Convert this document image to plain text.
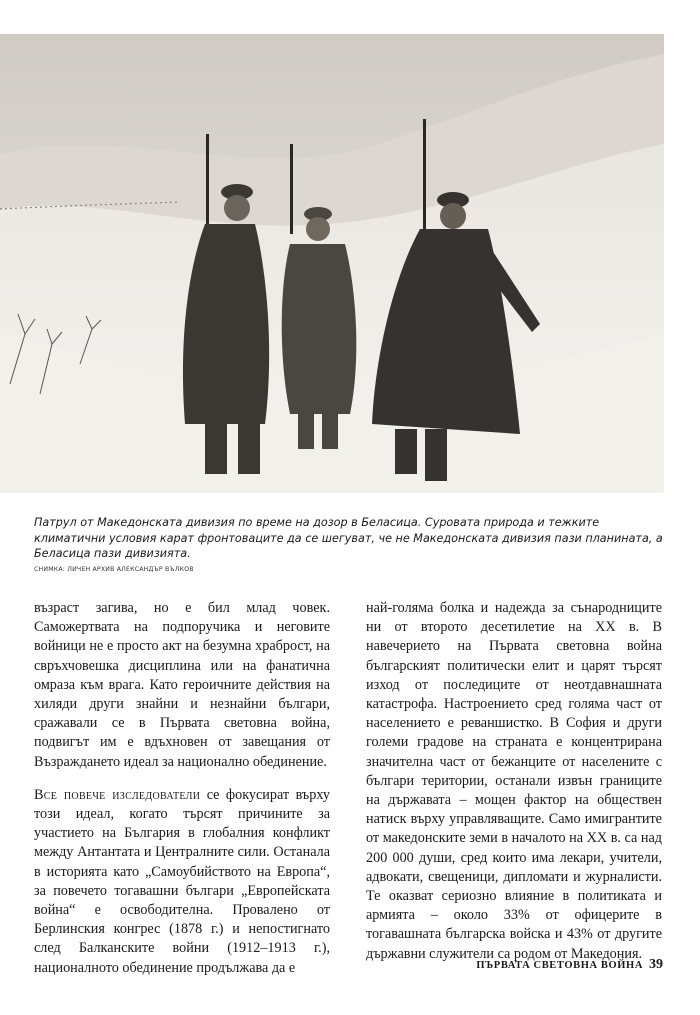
Патрул от Македонската дивизия по време на дозор в Беласица. Суровата природа и тежките климатични условия карат фронтоваците да се шегуват, че не Македонската дивизия пази планината, а Беласица пази дивизията.

СНИМКА: ЛИЧЕН АРХИВ АЛЕКСАНДЪР ВЪЛКОВ

възраст загива, но е бил млад човек. Саможертвата на подпоручика и неговите войници не е просто акт на безумна храброст, на свръхчовешка дисциплина или на фанатична омраза към врага. Като героичните действия на хиляди други знайни и незнайни българи, сражавали се в Първата световна война, подвигът им е вдъхновен от завещания от Възраждането идеал за национално обединение.

Все повече изследователи се фокусират върху този идеал, когато търсят причините за участието на България в глобалния конфликт между Антантата и Централните сили. Останала в историята като „Самоубийството на Европа“, за повечето тогавашни българи „Европейската война“ е освободителна. Провалено от Берлинския конгрес (1878 г.) и непостигнато след Балканските войни (1912–1913 г.), националното обединение продължава да е

най-голяма болка и надежда за сънародниците ни от второто десетилетие на XX в. В навечерието на Първата световна война българският политически елит и царят търсят изход от последиците от неотдавнашната катастрофа. Настроението сред голяма част от населението е реваншистко. В София и други големи градове на страната е концентрирана значителна част от бежанците от населените с българи територии, останали извън границите на държавата – мощен фактор на обществен натиск върху управляващите. Само имигрантите от македонските земи в началото на XX в. са над 200 000 души, сред които има лекари, учители, адвокати, свещеници, дипломати и журналисти. Те оказват сериозно влияние в политиката и армията – около 33% от офицерите в тогавашната българска войска и 43% от другите държавни служители са родом от Македония.

ПЪРВАТА СВЕТОВНА ВОЙНА 39
